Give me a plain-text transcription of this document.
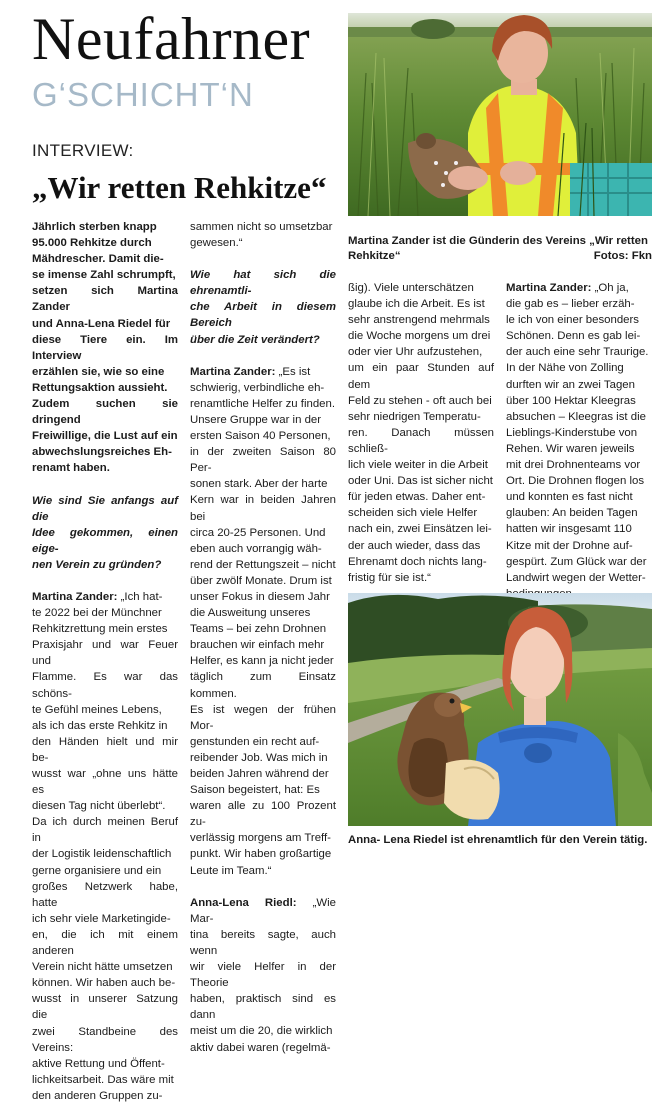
Neufahrner
G‘SCHICHT‘N
INTERVIEW:
„Wir retten Rehkitze“

Jährlich sterben knapp
95.000 Rehkitze durch
Mähdrescher. Damit die-
se imense Zahl schrumpft,
setzen sich Martina Zander
und Anna-Lena Riedel für
diese Tiere ein. Im Interview
erzählen sie, wie so eine
Rettungsaktion aussieht.
Zudem suchen sie dringend
Freiwillige, die Lust auf ein
abwechslungsreiches Eh-
renamt haben.

Wie sind Sie anfangs auf die
Idee gekommen, einen eige-
nen Verein zu gründen?

Martina Zander: „Ich hat-
te 2022 bei der Münchner
Rehkitzrettung mein erstes
Praxisjahr und war Feuer und
Flamme. Es war das schöns-
te Gefühl meines Lebens,
als ich das erste Rehkitz in
den Händen hielt und mir be-
wusst war „ohne uns hätte es
diesen Tag nicht überlebt“.
Da ich durch meinen Beruf in
der Logistik leidenschaftlich
gerne organisiere und ein
großes Netzwerk habe, hatte
ich sehr viele Marketingide-
en, die ich mit einem anderen
Verein nicht hätte umsetzen
können. Wir haben auch be-
wusst in unserer Satzung die
zwei Standbeine des Vereins:
aktive Rettung und Öffent-
lichkeitsarbeit. Das wäre mit
den anderen Gruppen zu-

sammen nicht so umsetzbar
gewesen.“

Wie hat sich die ehrenamtli-
che Arbeit in diesem Bereich
über die Zeit verändert?

Martina Zander: „Es ist
schwierig, verbindliche eh-
renamtliche Helfer zu finden.
Unsere Gruppe war in der
ersten Saison 40 Personen,
in der zweiten Saison 80 Per-
sonen stark. Aber der harte
Kern war in beiden Jahren bei
circa 20-25 Personen. Und
eben auch vorrangig wäh-
rend der Rettungszeit – nicht
über zwölf Monate. Drum ist
unser Fokus in diesem Jahr
die Ausweitung unseres
Teams – bei zehn Drohnen
brauchen wir einfach mehr
Helfer, es kann ja nicht jeder
täglich zum Einsatz kommen.
Es ist wegen der frühen Mor-
genstunden ein recht auf-
reibender Job. Was mich in
beiden Jahren während der
Saison begeistert, hat: Es
waren alle zu 100 Prozent zu-
verlässig morgens am Treff-
punkt. Wir haben großartige
Leute im Team.“

Anna-Lena Riedl: „Wie Mar-
tina bereits sagte, auch wenn
wir viele Helfer in der Theorie
haben, praktisch sind es dann
meist um die 20, die wirklich
aktiv dabei waren (regelmä-

Martina Zander ist die Günderin des Vereins „Wir retten
Rehkitze“	Fotos: Fkn

ßig). Viele unterschätzen
glaube ich die Arbeit. Es ist
sehr anstrengend mehrmals
die Woche morgens um drei
oder vier Uhr aufzustehen,
um ein paar Stunden auf dem
Feld zu stehen - oft auch bei
sehr niedrigen Temperatu-
ren. Danach müssen schließ-
lich viele weiter in die Arbeit
oder Uni. Das ist sicher nicht
für jeden etwas. Daher ent-
scheiden sich viele Helfer
nach ein, zwei Einsätzen lei-
der auch wieder, dass das
Ehrenamt doch nichts lang-
fristig für sie ist.“

Martina Zander: „Oh ja,
die gab es – lieber erzäh-
le ich von einer besonders
Schönen. Denn es gab lei-
der auch eine sehr Traurige.
In der Nähe von Zolling
durften wir an zwei Tagen
über 100 Hektar Kleegras
absuchen – Kleegras ist die
Lieblings-Kinderstube von
Rehen. Wir waren jeweils
mit drei Drohnenteams vor
Ort. Die Drohnen flogen los
und konnten es fast nicht
glauben: An beiden Tagen
hatten wir insgesamt 110
Kitze mit der Drohne auf-
gespürt. Zum Glück war der
Landwirt wegen der Wetter-

Anna- Lena Riedel ist ehrenamtlich für den Verein tätig.
